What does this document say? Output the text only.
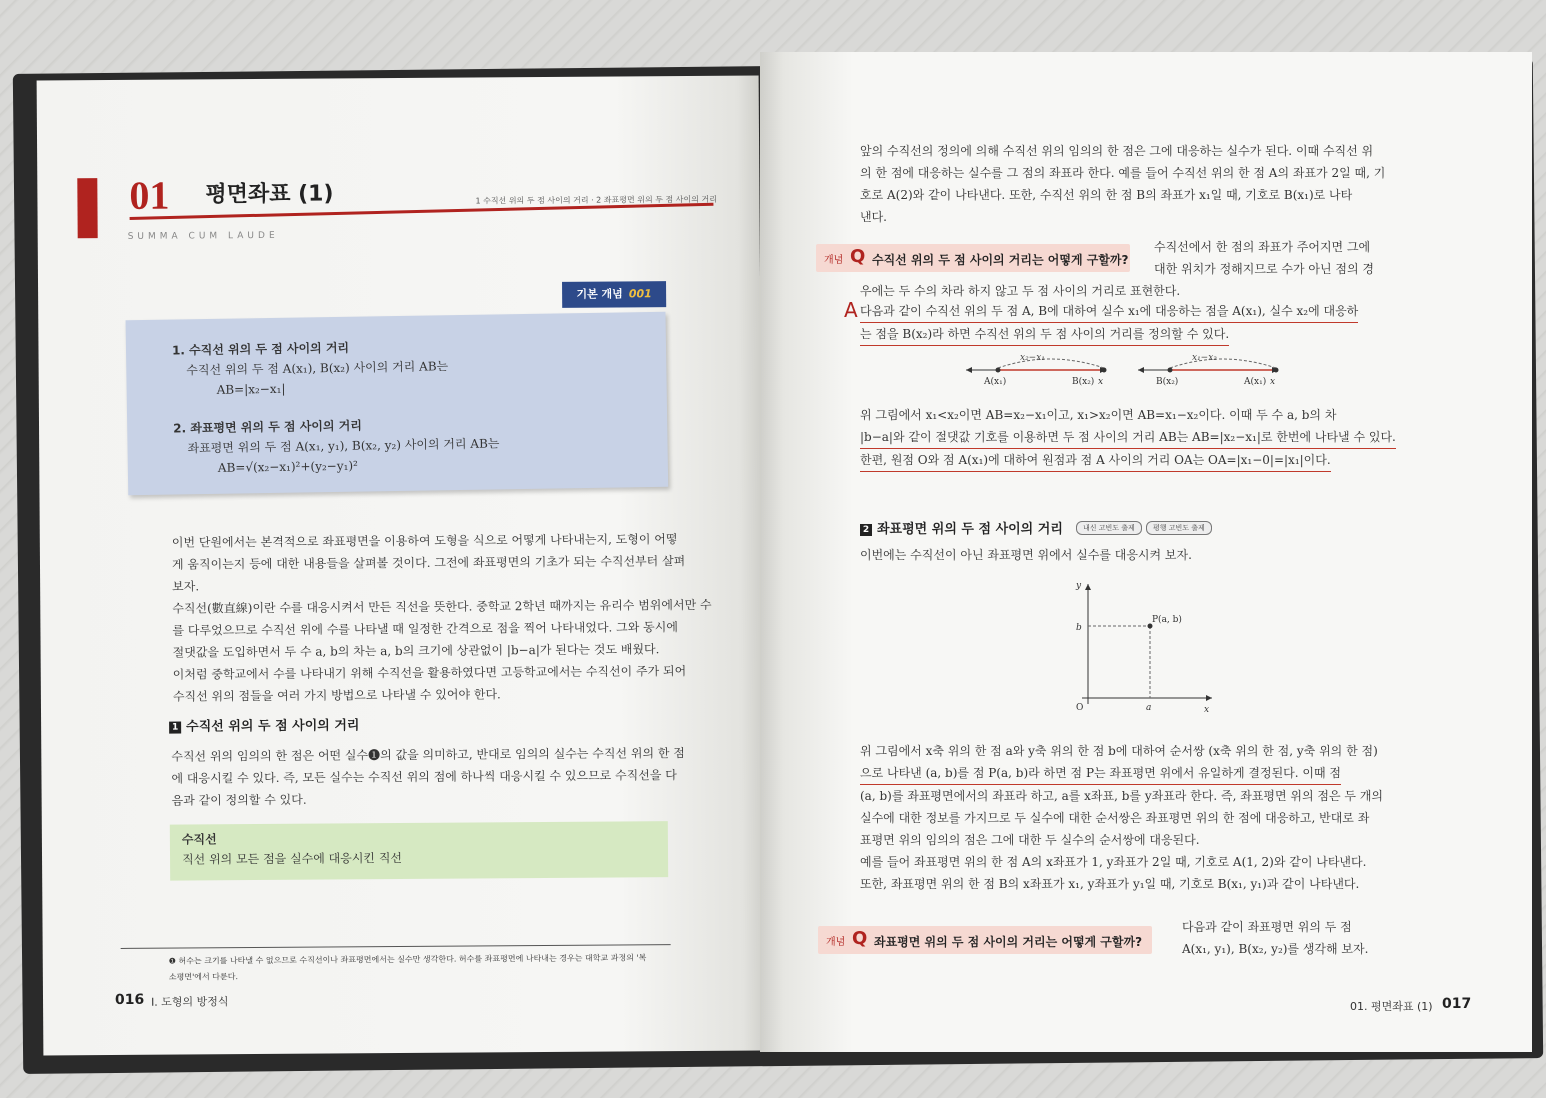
01 평면좌표 (1)
SUMMA CUM LAUDE
1 수직선 위의 두 점 사이의 거리 · 2 좌표평면 위의 두 점 사이의 거리
기본 개념 001
1. 수직선 위의 두 점 사이의 거리
수직선 위의 두 점 A(x₁), B(x₂) 사이의 거리 AB는
AB=|x₂−x₁|
2. 좌표평면 위의 두 점 사이의 거리
좌표평면 위의 두 점 A(x₁, y₁), B(x₂, y₂) 사이의 거리 AB는
AB=√(x₂−x₁)²+(y₂−y₁)²
이번 단원에서는 본격적으로 좌표평면을 이용하여 도형을 식으로 어떻게 나타내는지, 도형이 어떻
게 움직이는지 등에 대한 내용들을 살펴볼 것이다. 그전에 좌표평면의 기초가 되는 수직선부터 살펴
보자.
수직선(數直線)이란 수를 대응시켜서 만든 직선을 뜻한다. 중학교 2학년 때까지는 유리수 범위에서만 수
를 다루었으므로 수직선 위에 수를 나타낼 때 일정한 간격으로 점을 찍어 나타내었다. 그와 동시에
절댓값을 도입하면서 두 수 a, b의 차는 a, b의 크기에 상관없이 |b−a|가 된다는 것도 배웠다.
이처럼 중학교에서 수를 나타내기 위해 수직선을 활용하였다면 고등학교에서는 수직선이 주가 되어
수직선 위의 점들을 여러 가지 방법으로 나타낼 수 있어야 한다.
1 수직선 위의 두 점 사이의 거리
수직선 위의 임의의 한 점은 어떤 실수❶의 값을 의미하고, 반대로 임의의 실수는 수직선 위의 한 점
에 대응시킬 수 있다. 즉, 모든 실수는 수직선 위의 점에 하나씩 대응시킬 수 있으므로 수직선을 다
음과 같이 정의할 수 있다.
수직선
직선 위의 모든 점을 실수에 대응시킨 직선
❶ 허수는 크기를 나타낼 수 없으므로 수직선이나 좌표평면에서는 실수만 생각한다. 허수를 좌표평면에 나타내는 경우는 대학교 과정의 '복
소평면'에서 다룬다.
016 I. 도형의 방정식
앞의 수직선의 정의에 의해 수직선 위의 임의의 한 점은 그에 대응하는 실수가 된다. 이때 수직선 위
의 한 점에 대응하는 실수를 그 점의 좌표라 한다. 예를 들어 수직선 위의 한 점 A의 좌표가 2일 때, 기
호로 A(2)와 같이 나타낸다. 또한, 수직선 위의 한 점 B의 좌표가 x₁일 때, 기호로 B(x₁)로 나타
낸다.
개념 Q 수직선 위의 두 점 사이의 거리는 어떻게 구할까?
수직선에서 한 점의 좌표가 주어지면 그에
대한 위치가 정해지므로 수가 아닌 점의 경
우에는 두 수의 차라 하지 않고 두 점 사이의 거리로 표현한다.
A 다음과 같이 수직선 위의 두 점 A, B에 대하여 실수 x₁에 대응하는 점을 A(x₁), 실수 x₂에 대응하
는 점을 B(x₂)라 하면 수직선 위의 두 점 사이의 거리를 정의할 수 있다.
x₂−x₁
A(x₁)	B(x₂) x
x₁−x₂
B(x₂)	A(x₁) x
위 그림에서 x₁<x₂이면 AB=x₂−x₁이고, x₁>x₂이면 AB=x₁−x₂이다. 이때 두 수 a, b의 차
|b−a|와 같이 절댓값 기호를 이용하면 두 점 사이의 거리 AB는 AB=|x₂−x₁|로 한번에 나타낼 수 있다. 한편, 원점 O와 점 A(x₁)에 대하여 원점과 점 A 사이의 거리 OA는 OA=|x₁−0|=|x₁|이다.
2 좌표평면 위의 두 점 사이의 거리	내신 고빈도 출제	평행 고빈도 출제
이번에는 수직선이 아닌 좌표평면 위에서 실수를 대응시켜 보자.
y
x
O	a
b
P(a, b)
위 그림에서 x축 위의 한 점 a와 y축 위의 한 점 b에 대하여 순서쌍 (x축 위의 한 점, y축 위의 한 점)
으로 나타낸 (a, b)를 점 P(a, b)라 하면 점 P는 좌표평면 위에서 유일하게 결정된다. 이때 점
(a, b)를 좌표평면에서의 좌표라 하고, a를 x좌표, b를 y좌표라 한다. 즉, 좌표평면 위의 점은 두 개의
실수에 대한 정보를 가지므로 두 실수에 대한 순서쌍은 좌표평면 위의 한 점에 대응하고, 반대로 좌
표평면 위의 임의의 점은 그에 대한 두 실수의 순서쌍에 대응된다.
예를 들어 좌표평면 위의 한 점 A의 x좌표가 1, y좌표가 2일 때, 기호로 A(1, 2)와 같이 나타낸다.
또한, 좌표평면 위의 한 점 B의 x좌표가 x₁, y좌표가 y₁일 때, 기호로 B(x₁, y₁)과 같이 나타낸다.
개념 Q 좌표평면 위의 두 점 사이의 거리는 어떻게 구할까?
다음과 같이 좌표평면 위의 두 점
A(x₁, y₁), B(x₂, y₂)를 생각해 보자.
01. 평면좌표 (1) 017
